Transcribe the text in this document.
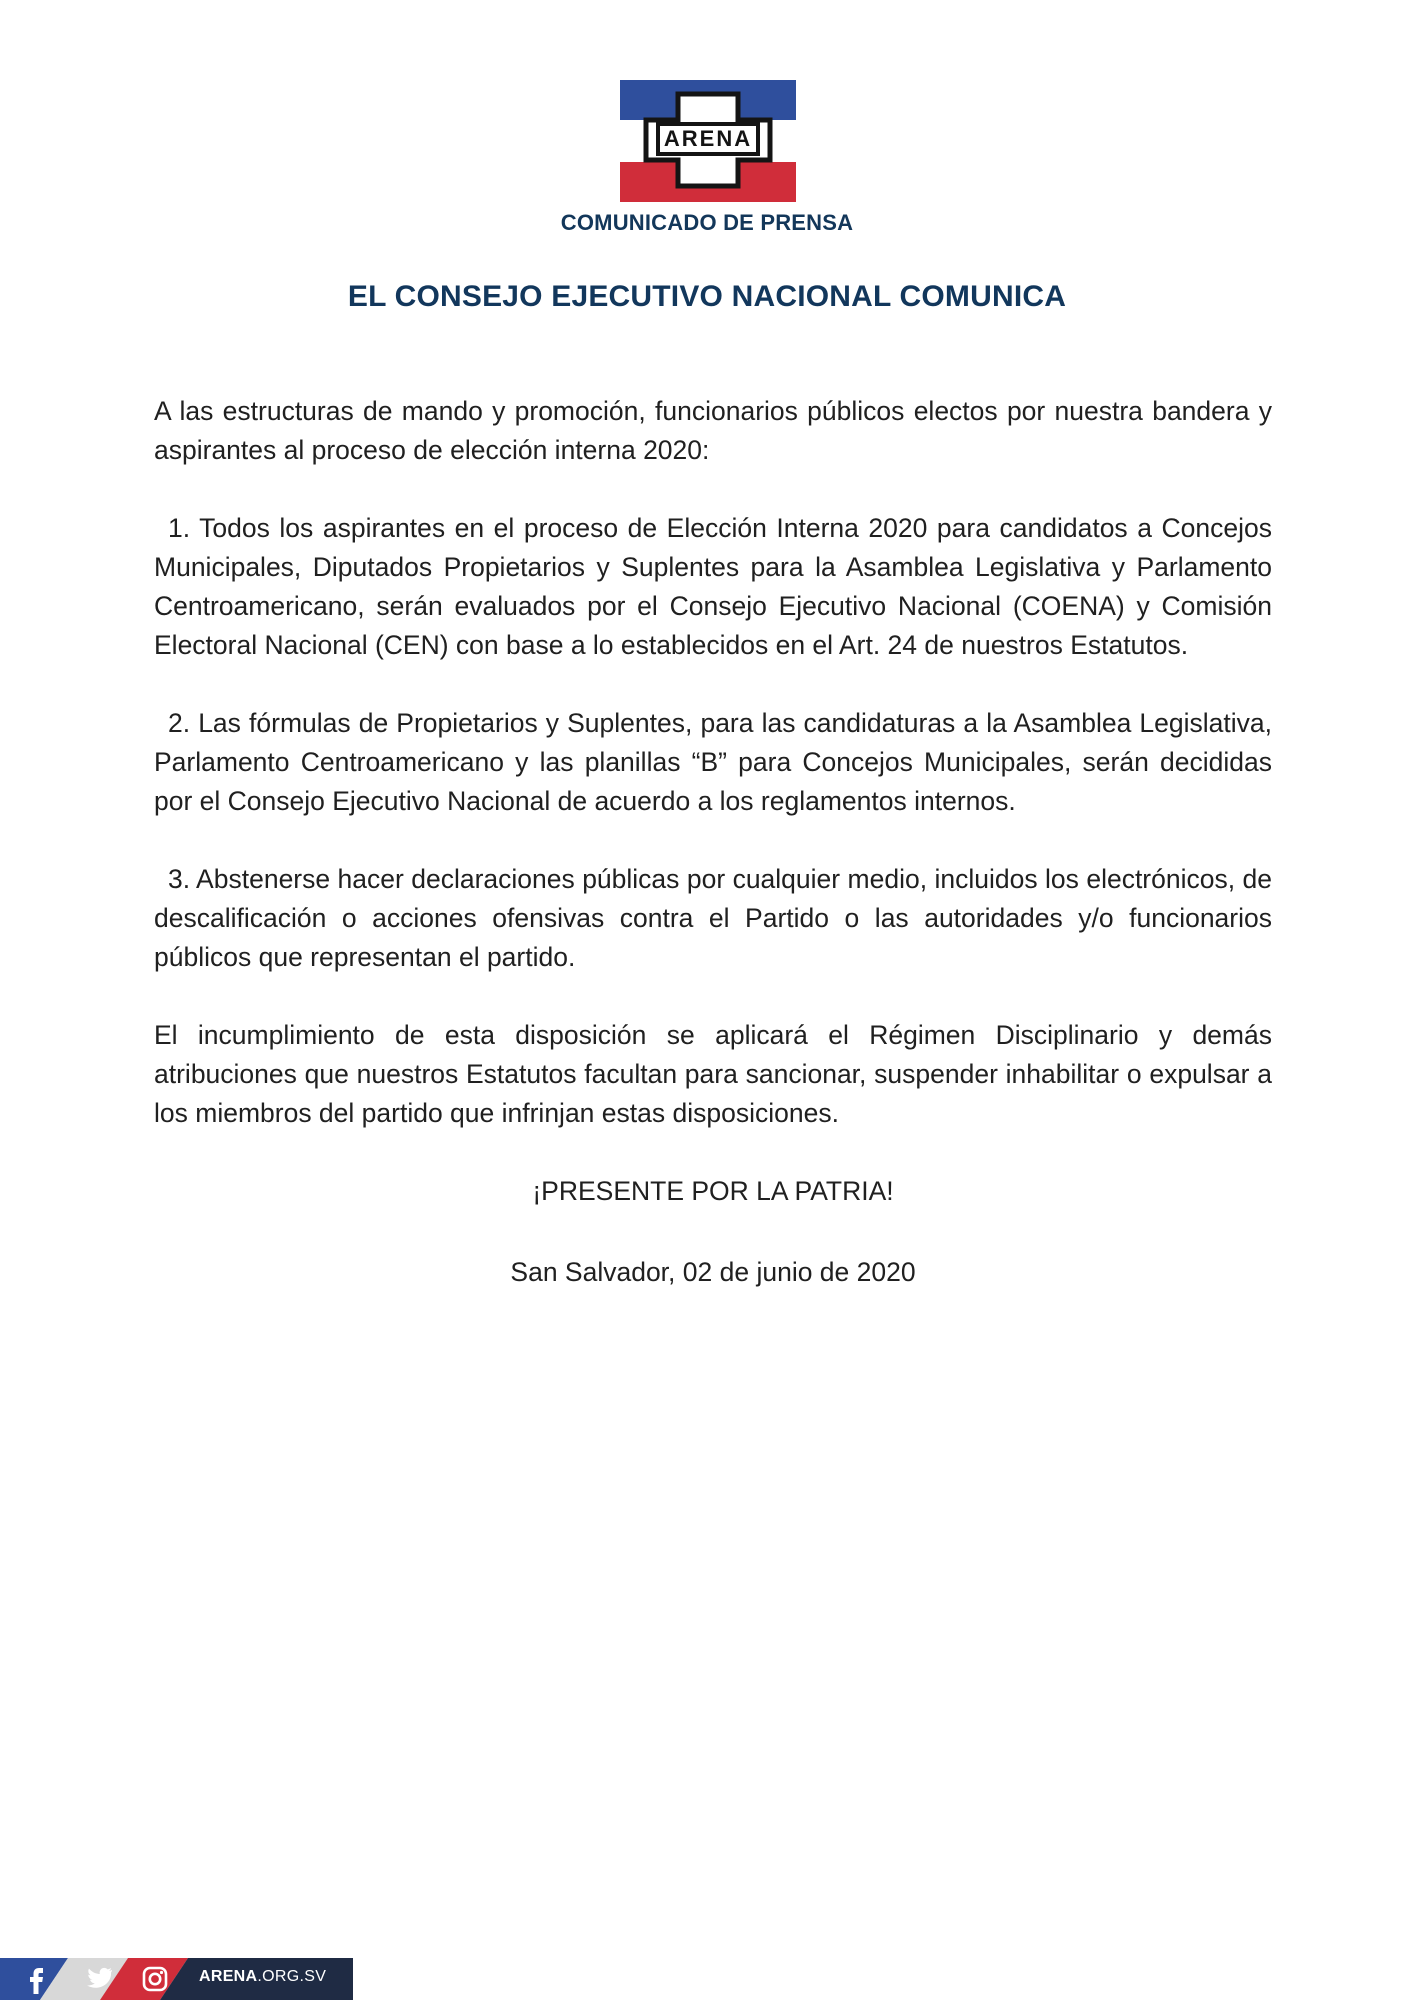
ARENA
COMUNICADO DE PRENSA
EL CONSEJO EJECUTIVO NACIONAL COMUNICA

A las estructuras de mando y promoción, funcionarios públicos electos por nuestra bandera y aspirantes al proceso de elección interna 2020:

1. Todos los aspirantes en el proceso de Elección Interna 2020 para candidatos a Concejos Municipales, Diputados Propietarios y Suplentes para la Asamblea Legislativa y Parlamento Centroamericano, serán evaluados por el Consejo Ejecutivo Nacional (COENA) y Comisión Electoral Nacional (CEN) con base a lo establecidos en el Art. 24 de nuestros Estatutos.

2. Las fórmulas de Propietarios y Suplentes, para las candidaturas a la Asamblea Legislativa, Parlamento Centroamericano y las planillas “B” para Concejos Municipales, serán decididas por el Consejo Ejecutivo Nacional de acuerdo a los reglamentos internos.

3. Abstenerse hacer declaraciones públicas por cualquier medio, incluidos los electrónicos, de descalificación o acciones ofensivas contra el Partido o las autoridades y/o funcionarios públicos que representan el partido.

El incumplimiento de esta disposición se aplicará el Régimen Disciplinario y demás atribuciones que nuestros Estatutos facultan para sancionar, suspender inhabilitar o expulsar a los miembros del partido que infrinjan estas disposiciones.

¡PRESENTE POR LA PATRIA!

San Salvador, 02 de junio de 2020

ARENA.ORG.SV
